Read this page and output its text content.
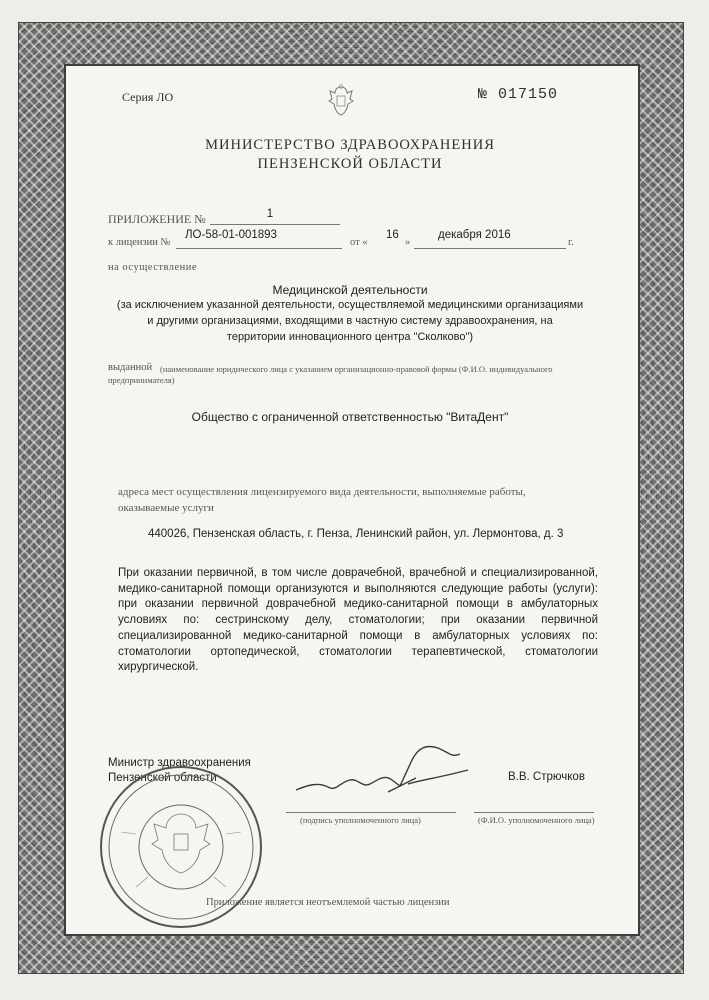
Серия ЛО	№ 017150
МИНИСТЕРСТВО ЗДРАВООХРАНЕНИЯ
ПЕНЗЕНСКОЙ ОБЛАСТИ
ПРИЛОЖЕНИЕ №	1
к лицензии №
ЛО-58-01-001893
от «
16
»
декабря 2016
г.
на осуществление
Медицинской деятельности
(за исключением указанной деятельности, осуществляемой медицинскими организациями
и другими организациями, входящими в частную систему здравоохранения, на
территории инновационного центра "Сколково")
выданной (наименование юридического лица с указанием организационно-правовой формы (Ф.И.О. индивидуального
предпринимателя)
Общество с ограниченной ответственностью "ВитаДент"
адреса мест осуществления лицензируемого вида деятельности, выполняемые работы,
оказываемые услуги
440026, Пензенская область, г. Пенза, Ленинский район, ул. Лермонтова, д. 3
При оказании первичной, в том числе доврачебной, врачебной и специализированной, медико-санитарной помощи организуются и выполняются следующие работы (услуги): при оказании первичной доврачебной медико-санитарной помощи в амбулаторных условиях по: сестринскому делу, стоматологии; при оказании первичной специализированной медико-санитарной помощи в амбулаторных условиях по: стоматологии ортопедической, стоматологии терапевтической, стоматологии хирургической.
Министр здравоохранения
Пензенской области
(подпись уполномоченного лица)
В.В. Стрючков
(Ф.И.О. уполномоченного лица)
Приложение является неотъемлемой частью лицензии
